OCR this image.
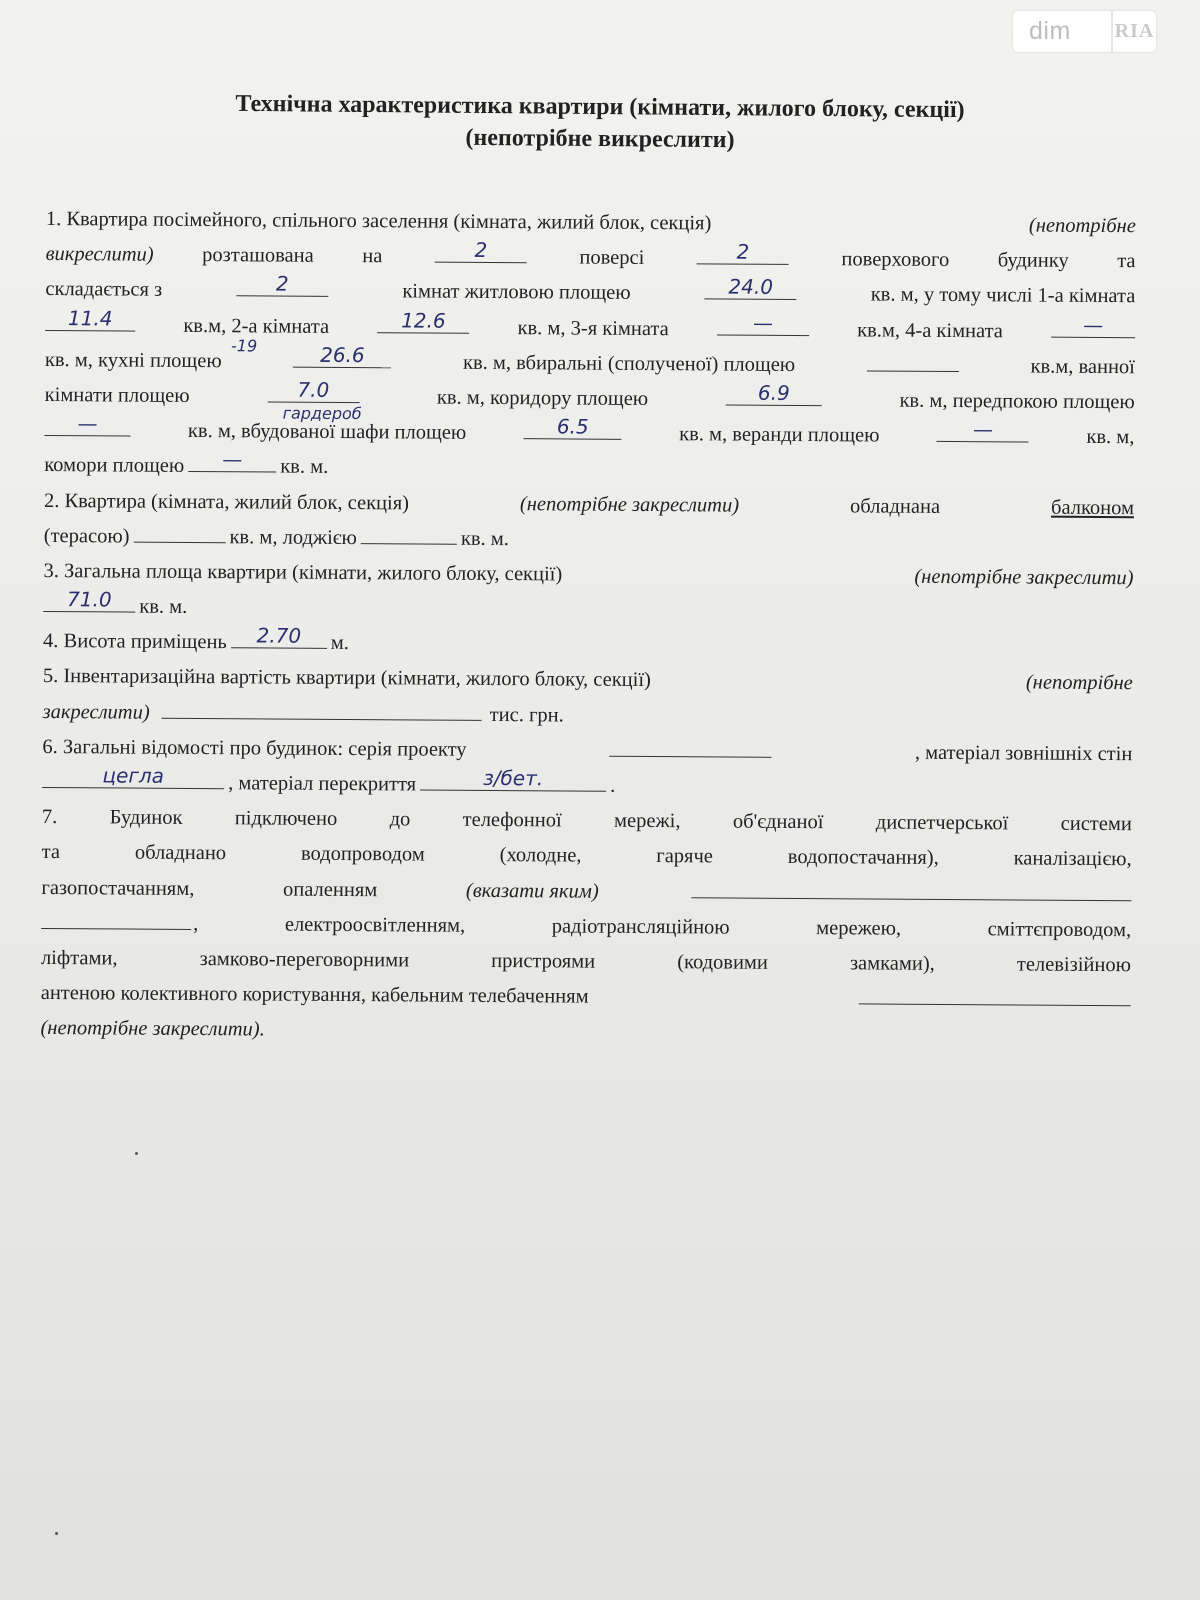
dim	RIA

Технічна характеристика квартири (кімнати, жилого блоку, секції)

(непотрібне викреслити)

1. Квартира посімейного, спільного заселення (кімната, жилий блок, секція)	(непотрібне
викреслити) розташована на	2	поверсі	2	поверхового будинку та
складається з	2	кімнат житловою площею	24.0	кв. м, у тому числі 1-а кімната
11.4	кв.м, 2-а кімната	12.6	кв. м, 3-я кімната	—	кв.м, 4-а кімната	—
кв. м, кухні площею
-19	26.6	кв. м, вбиральні (сполученої) площею	кв.м, ванної
кімнати площею	7.0
гардероб
кв. м, коридору площею	6.9	кв. м, передпокою площею
—	кв. м, вбудованої шафи площею	6.5	кв. м, веранди площею	—	кв. м,
комори площею	—	кв. м.
2. Квартира (кімната, жилий блок, секція)	(непотрібне закреслити)	обладнана	балконом
(терасою)	кв. м, лоджією	кв. м.
3. Загальна площа квартири (кімнати, жилого блоку, секції)	(непотрібне закреслити)
71.0	кв. м.
4. Висота приміщень	2.70	м.
5. Інвентаризаційна вартість квартири (кімнати, жилого блоку, секції)	(непотрібне
закреслити)	тис. грн.
6. Загальні відомості про будинок: серія проекту	, матеріал зовнішніх стін
цегла	, матеріал перекриття	з/бет.	.
7.	Будинок	підключено	до	телефонної	мережі,	об'єднаної	диспетчерської	системи
та	обладнано	водопроводом	(холодне,	гаряче	водопостачання),	каналізацією,
газопостачанням,	опаленням	(вказати яким)
,	електроосвітленням,	радіотрансляційною	мережею,	сміттєпроводом,
ліфтами,	замково-переговорними	пристроями	(кодовими	замками),	телевізійною
антеною колективного користування, кабельним телебаченням
(непотрібне закреслити).
